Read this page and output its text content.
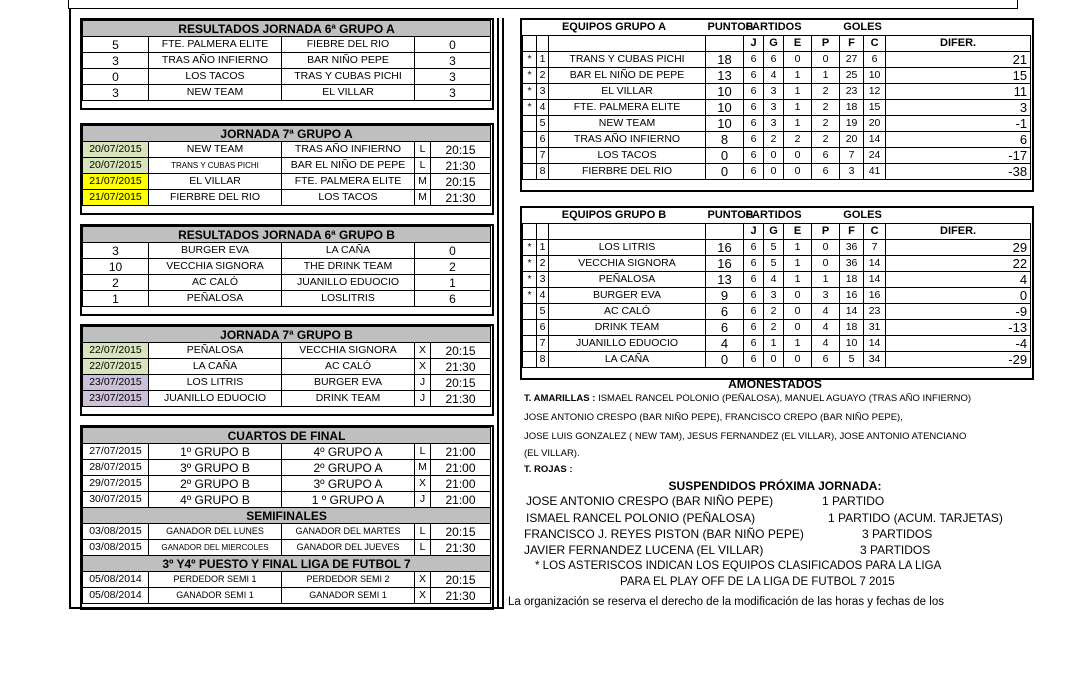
RESULTADOS JORNADA 6ª GRUPO A			
5	FTE. PALMERA ELITE	FIEBRE DEL RIO	0
3	TRAS AÑO INFIERNO	BAR NIÑO PEPE	3
0	LOS TACOS	TRAS Y CUBAS PICHI	3
3	NEW TEAM	EL VILLAR	3
JORNADA 7ª GRUPO A				
20/07/2015	NEW TEAM	TRAS AÑO INFIERNO	L	20:15
20/07/2015	TRANS Y CUBAS PICHI	BAR EL NIÑO DE PEPE	L	21:30
21/07/2015	EL VILLAR	FTE. PALMERA ELITE	M	20:15
21/07/2015	FIERBRE DEL RIO	LOS TACOS	M	21:30
RESULTADOS JORNADA 6ª GRUPO B			
3	BURGER EVA	LA CAÑA	0
10	VECCHIA SIGNORA	THE DRINK TEAM	2
2	AC CALÓ	JUANILLO EDUOCIO	1
1	PEÑALOSA	LOSLITRIS	6
JORNADA 7ª GRUPO B				
22/07/2015	PEÑALOSA	VECCHIA SIGNORA	X	20:15
22/07/2015	LA CAÑA	AC CALÓ	X	21:30
23/07/2015	LOS LITRIS	BURGER EVA	J	20:15
23/07/2015	JUANILLO EDUOCIO	DRINK TEAM	J	21:30
CUARTOS DE FINAL				
27/07/2015	1º GRUPO B	4º GRUPO A	L	21:00
28/07/2015	3º GRUPO B	2º GRUPO A	M	21:00
29/07/2015	2º GRUPO B	3º GRUPO A	X	21:00
30/07/2015	4º GRUPO B	1 º GRUPO A	J	21:00
SEMIFINALES				
03/08/2015	GANADOR DEL LUNES	GANADOR DEL MARTES	L	20:15
03/08/2015	GANADOR DEL MIERCOLES	GANADOR DEL JUEVES	L	21:30
3º Y4º PUESTO Y FINAL LIGA DE FUTBOL 7				
05/08/2014	PERDEDOR SEMI 1	PERDEDOR SEMI 2	X	20:15
05/08/2014	GANADOR SEMI 1	GANADOR SEMI 1	X	21:30
EQUIPOS GRUPO A			PUNTOS	PARTIDOS				GOLES		
				J	G	E	P	F	C	DIFER.
*	1	TRANS Y CUBAS PICHI	18	6	6	0	0	27	6	21
*	2	BAR EL NIÑO DE PEPE	13	6	4	1	1	25	10	15
*	3	EL VILLAR	10	6	3	1	2	23	12	11
*	4	FTE. PALMERA ELITE	10	6	3	1	2	18	15	3
	5	NEW TEAM	10	6	3	1	2	19	20	-1
	6	TRAS AÑO INFIERNO	8	6	2	2	2	20	14	6
	7	LOS TACOS	0	6	0	0	6	7	24	-17
	8	FIERBRE DEL RIO	0	6	0	0	6	3	41	-38
EQUIPOS GRUPO B			PUNTOS	PARTIDOS				GOLES		
				J	G	E	P	F	C	DIFER.
*	1	LOS LITRIS	16	6	5	1	0	36	7	29
*	2	VECCHIA SIGNORA	16	6	5	1	0	36	14	22
*	3	PEÑALOSA	13	6	4	1	1	18	14	4
*	4	BURGER EVA	9	6	3	0	3	16	16	0
	5	AC CALÓ	6	6	2	0	4	14	23	-9
	6	DRINK TEAM	6	6	2	0	4	18	31	-13
	7	JUANILLO EDUOCIO	4	6	1	1	4	10	14	-4
	8	LA CAÑA	0	6	0	0	6	5	34	-29
AMONESTADOS
T. AMARILLAS : ISMAEL RANCEL POLONIO (PEÑALOSA), MANUEL AGUAYO (TRAS AÑO INFIERNO)
JOSE ANTONIO CRESPO (BAR NIÑO PEPE), FRANCISCO CREPO (BAR NIÑO PEPE),
JOSE LUIS GONZALEZ ( NEW TAM), JESUS FERNANDEZ (EL VILLAR), JOSE ANTONIO ATENCIANO
(EL VILLAR).
T. ROJAS :
SUSPENDIDOS PRÓXIMA JORNADA:
JOSE ANTONIO CRESPO (BAR NIÑO PEPE)	1 PARTIDO
ISMAEL RANCEL POLONIO (PEÑALOSA)	1 PARTIDO (ACUM. TARJETAS)
FRANCISCO J. REYES PISTON (BAR NIÑO PEPE)	3 PARTIDOS
JAVIER FERNANDEZ LUCENA (EL VILLAR)	3 PARTIDOS
* LOS ASTERISCOS INDICAN LOS EQUIPOS CLASIFICADOS PARA LA LIGA
PARA EL PLAY OFF DE LA LIGA DE FUTBOL 7 2015
La organización se reserva el derecho de la modificación de las horas y fechas de los
